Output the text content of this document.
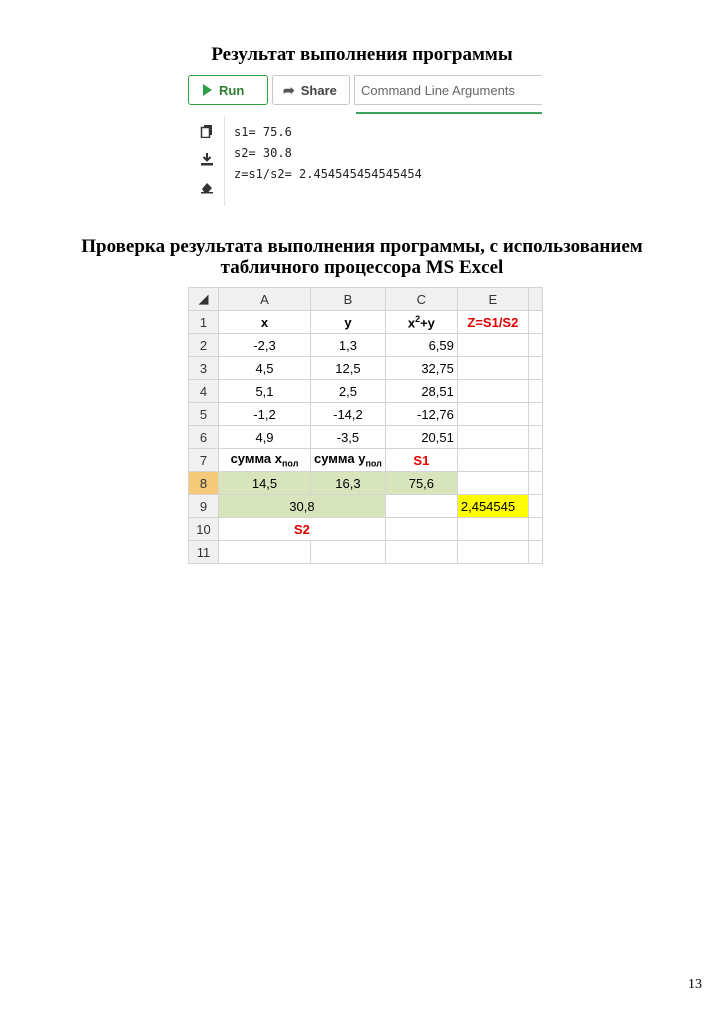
Результат выполнения программы
Run	➦ Share	Command Line Arguments
s1= 75.6
s2= 30.8
z=s1/s2= 2.454545454545454
Проверка результата выполнения программы, с использованием
табличного процессора MS Excel
◢	A	B	C	E	
1	x	y	$x^2+y$	Z=S1/S2	
2	-2,3	1,3	6,59		
3	4,5	12,5	32,75		
4	5,1	2,5	28,51		
5	-1,2	-14,2	-12,76		
6	4,9	-3,5	20,51		
7	сумма $x_{пол}$	сумма $y_{пол}$	S1		
8	14,5	16,3	75,6		
9	30,8			2,454545	
10	S2				
11					
13
